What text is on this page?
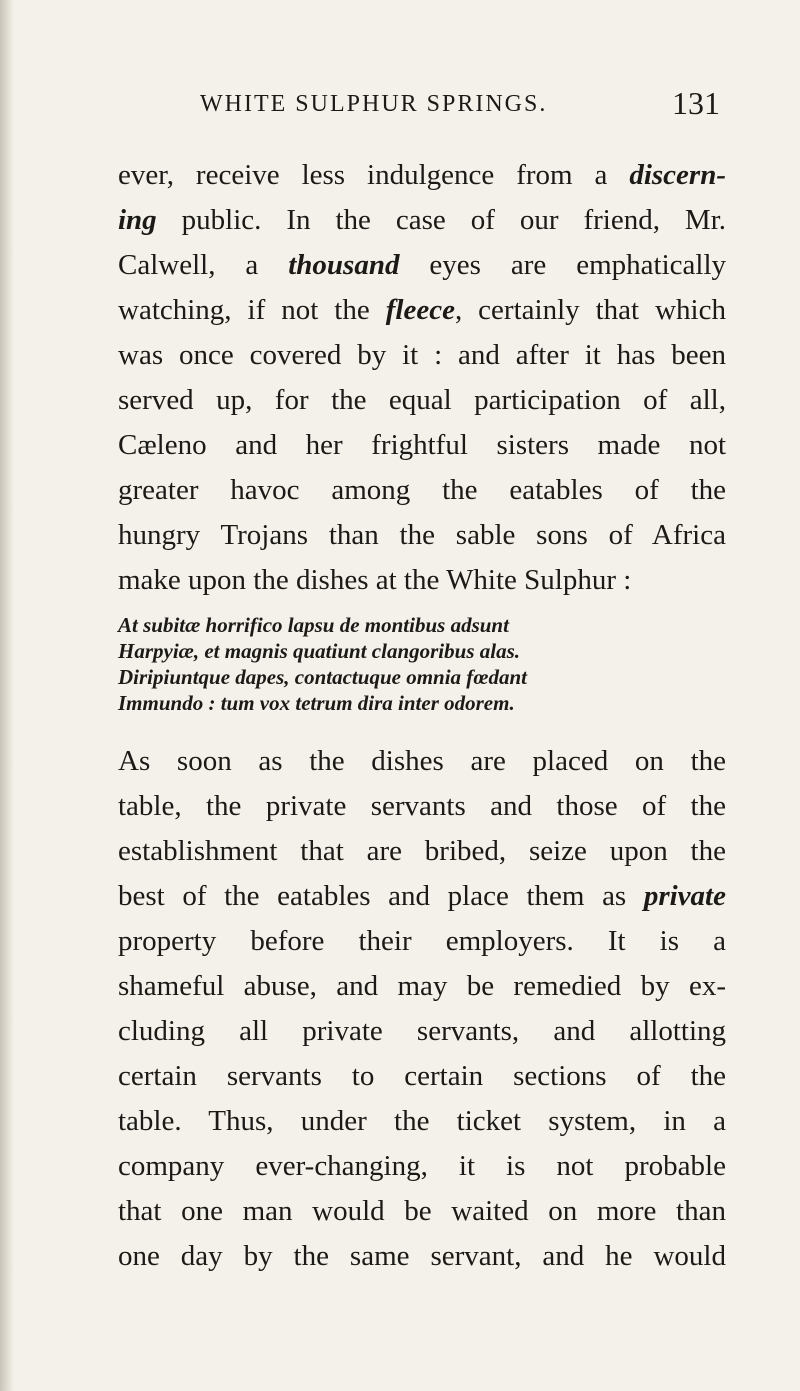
WHITE SULPHUR SPRINGS.	131
ever, receive less indulgence from a discern-
ing public. In the case of our friend, Mr.
Calwell, a thousand eyes are emphatically
watching, if not the fleece, certainly that which
was once covered by it : and after it has been
served up, for the equal participation of all,
Cæleno and her frightful sisters made not
greater havoc among the eatables of the
hungry Trojans than the sable sons of Africa
make upon the dishes at the White Sulphur :
At subitæ horrifico lapsu de montibus adsunt
Harpyiæ, et magnis quatiunt clangoribus alas.
Diripiuntque dapes, contactuque omnia fœdant
Immundo : tum vox tetrum dira inter odorem.
As soon as the dishes are placed on the
table, the private servants and those of the
establishment that are bribed, seize upon the
best of the eatables and place them as private
property before their employers. It is a
shameful abuse, and may be remedied by ex-
cluding all private servants, and allotting
certain servants to certain sections of the
table. Thus, under the ticket system, in a
company ever-changing, it is not probable
that one man would be waited on more than
one day by the same servant, and he would
